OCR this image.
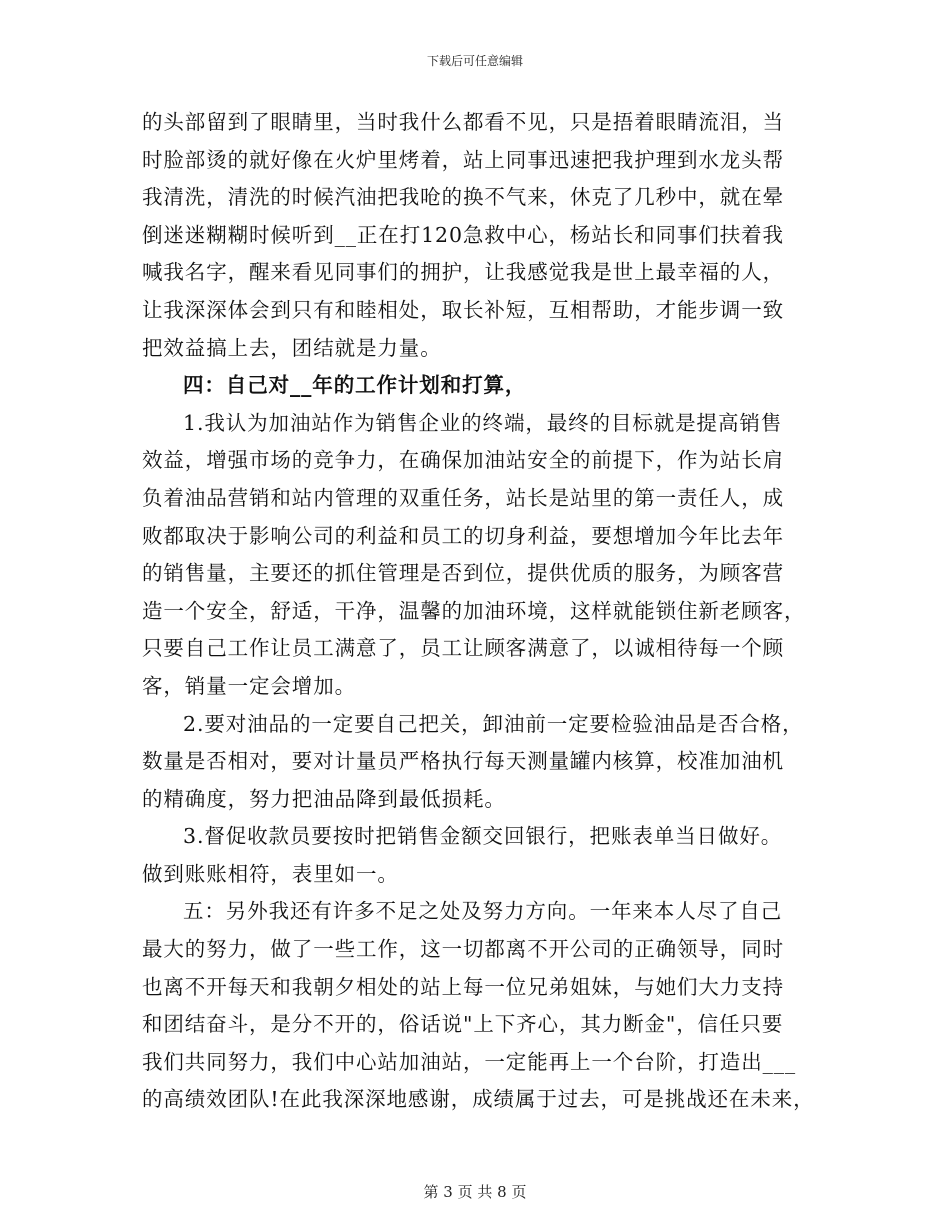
下载后可任意编辑
的头部留到了眼睛里，当时我什么都看不见，只是捂着眼睛流泪，当
时脸部烫的就好像在火炉里烤着，站上同事迅速把我护理到水龙头帮
我清洗，清洗的时候汽油把我呛的换不气来，休克了几秒中，就在晕
倒迷迷糊糊时候听到__正在打120急救中心，杨站长和同事们扶着我
喊我名字，醒来看见同事们的拥护，让我感觉我是世上最幸福的人，
让我深深体会到只有和睦相处，取长补短，互相帮助，才能步调一致
把效益搞上去，团结就是力量。
四：自己对__年的工作计划和打算，
1.我认为加油站作为销售企业的终端，最终的目标就是提高销售
效益，增强市场的竞争力，在确保加油站安全的前提下，作为站长肩
负着油品营销和站内管理的双重任务，站长是站里的第一责任人，成
败都取决于影响公司的利益和员工的切身利益，要想增加今年比去年
的销售量，主要还的抓住管理是否到位，提供优质的服务，为顾客营
造一个安全，舒适，干净，温馨的加油环境，这样就能锁住新老顾客，
只要自己工作让员工满意了，员工让顾客满意了，以诚相待每一个顾
客，销量一定会增加。
2.要对油品的一定要自己把关，卸油前一定要检验油品是否合格，
数量是否相对，要对计量员严格执行每天测量罐内核算，校准加油机
的精确度，努力把油品降到最低损耗。
3.督促收款员要按时把销售金额交回银行，把账表单当日做好。
做到账账相符，表里如一。
五：另外我还有许多不足之处及努力方向。一年来本人尽了自己
最大的努力，做了一些工作，这一切都离不开公司的正确领导，同时
也离不开每天和我朝夕相处的站上每一位兄弟姐妹，与她们大力支持
和团结奋斗，是分不开的，俗话说"上下齐心，其力断金"，信任只要
我们共同努力，我们中心站加油站，一定能再上一个台阶，打造出___
的高绩效团队!在此我深深地感谢，成绩属于过去，可是挑战还在未来，
第 3 页 共 8 页
